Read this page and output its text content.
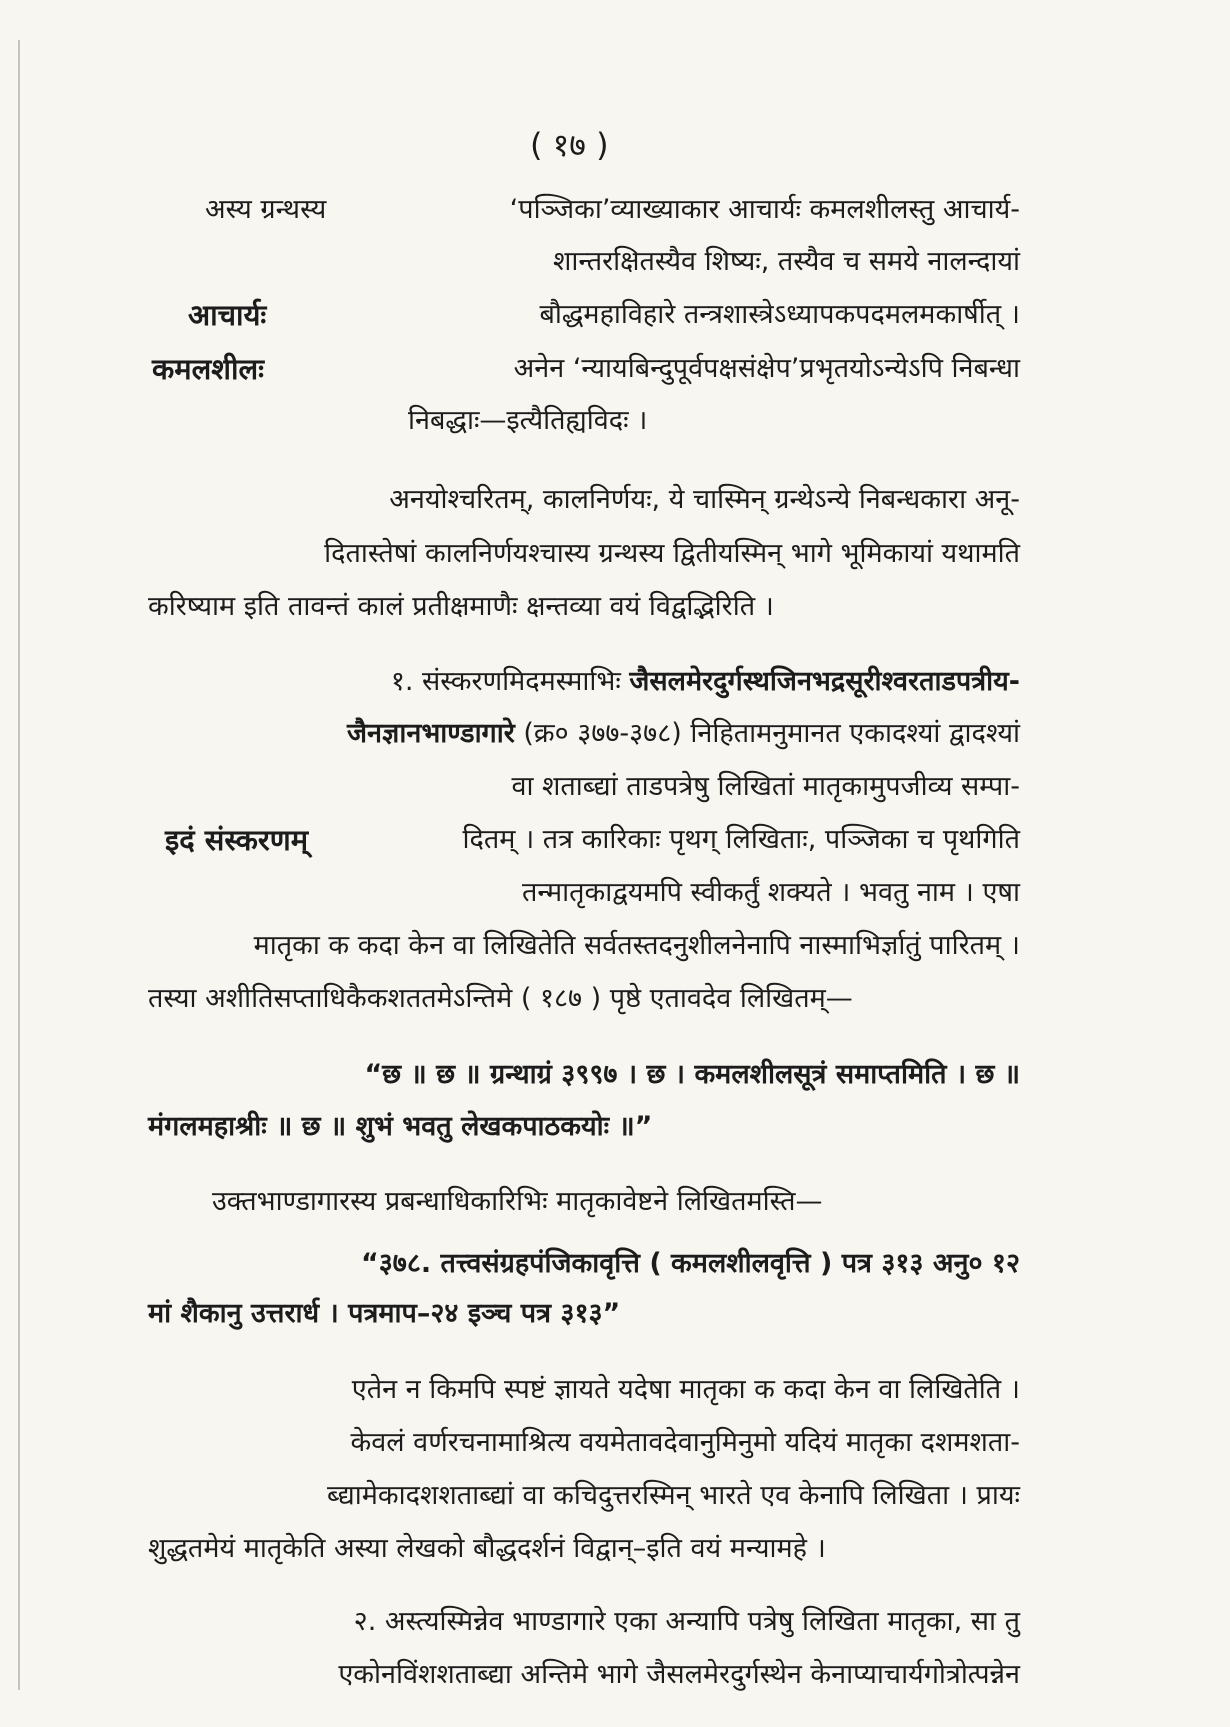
( १७ )
अस्य ग्रन्थस्य	‘पञ्जिका’व्याख्याकार आचार्यः कमलशीलस्तु आचार्य-
शान्तरक्षितस्यैव शिष्यः, तस्यैव च समये नालन्दायां
आचार्यः	बौद्धमहाविहारे तन्त्रशास्त्रेऽध्यापकपदमलमकार्षीत् ।
कमलशीलः	अनेन ‘न्यायबिन्दुपूर्वपक्षसंक्षेप’प्रभृतयोऽन्येऽपि निबन्धा
निबद्धाः—इत्यैतिह्यविदः ।
अनयोश्चरितम्, कालनिर्णयः, ये चास्मिन् ग्रन्थेऽन्ये निबन्धकारा अनू-
दितास्तेषां कालनिर्णयश्चास्य ग्रन्थस्य द्वितीयस्मिन् भागे भूमिकायां यथामति
करिष्याम इति तावन्तं कालं प्रतीक्षमाणैः क्षन्तव्या वयं विद्वद्भिरिति ।
१. संस्करणमिदमस्माभिः जैसलमेरदुर्गस्थजिनभद्रसूरीश्वरताडपत्रीय-
जैनज्ञानभाण्डागारे (क्र० ३७७-३७८) निहितामनुमानत एकादश्यां द्वादश्यां
वा शताब्द्यां ताडपत्रेषु लिखितां मातृकामुपजीव्य सम्पा-
इदं संस्करणम्	दितम् । तत्र कारिकाः पृथग् लिखिताः, पञ्जिका च पृथगिति
तन्मातृकाद्वयमपि स्वीकर्तुं शक्यते । भवतु नाम । एषा
मातृका क कदा केन वा लिखितेति सर्वतस्तदनुशीलनेनापि नास्माभिर्ज्ञातुं पारितम् ।
तस्या अशीतिसप्ताधिकैकशततमेऽन्तिमे ( १८७ ) पृष्ठे एतावदेव लिखितम्—
“छ ॥ छ ॥ ग्रन्थाग्रं ३९९७ । छ । कमलशीलसूत्रं समाप्तमिति । छ ॥
मंगलमहाश्रीः ॥ छ ॥ शुभं भवतु लेखकपाठकयोः ॥”
उक्तभाण्डागारस्य प्रबन्धाधिकारिभिः मातृकावेष्टने लिखितमस्ति—
“३७८. तत्त्वसंग्रहपंजिकावृत्ति ( कमलशीलवृत्ति ) पत्र ३१३ अनु० १२
मां शैकानु उत्तरार्ध । पत्रमाप–२४ इञ्च पत्र ३१३”
एतेन न किमपि स्पष्टं ज्ञायते यदेषा मातृका क कदा केन वा लिखितेति ।
केवलं वर्णरचनामाश्रित्य वयमेतावदेवानुमिनुमो यदियं मातृका दशमशता-
ब्द्यामेकादशशताब्द्यां वा कचिदुत्तरस्मिन् भारते एव केनापि लिखिता । प्रायः
शुद्धतमेयं मातृकेति अस्या लेखको बौद्धदर्शनं विद्वान्–इति वयं मन्यामहे ।
२. अस्त्यस्मिन्नेव भाण्डागारे एका अन्यापि पत्रेषु लिखिता मातृका, सा तु
एकोनविंशशताब्द्या अन्तिमे भागे जैसलमेरदुर्गस्थेन केनाप्याचार्यगोत्रोत्पन्नेन
